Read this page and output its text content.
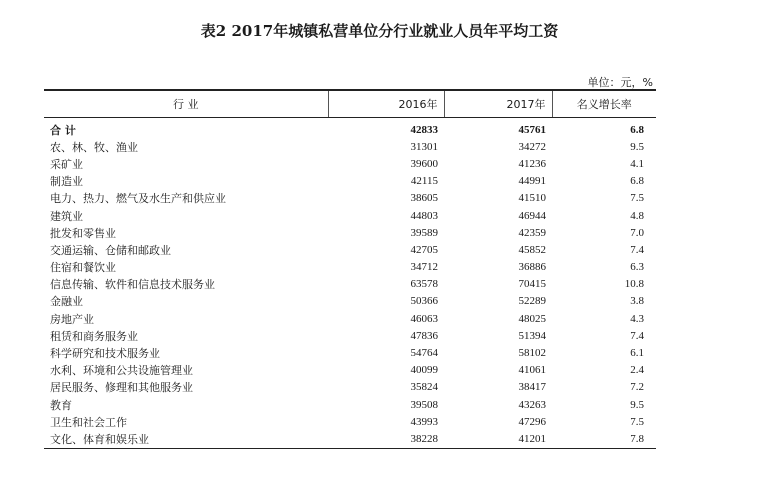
表2 2017年城镇私营单位分行业就业人员年平均工资
单位：元，%
行 业	2016年	2017年	名义增长率
合 计	42833	45761	6.8
农、林、牧、渔业	31301	34272	9.5
采矿业	39600	41236	4.1
制造业	42115	44991	6.8
电力、热力、燃气及水生产和供应业	38605	41510	7.5
建筑业	44803	46944	4.8
批发和零售业	39589	42359	7.0
交通运输、仓储和邮政业	42705	45852	7.4
住宿和餐饮业	34712	36886	6.3
信息传输、软件和信息技术服务业	63578	70415	10.8
金融业	50366	52289	3.8
房地产业	46063	48025	4.3
租赁和商务服务业	47836	51394	7.4
科学研究和技术服务业	54764	58102	6.1
水利、环境和公共设施管理业	40099	41061	2.4
居民服务、修理和其他服务业	35824	38417	7.2
教育	39508	43263	9.5
卫生和社会工作	43993	47296	7.5
文化、体育和娱乐业	38228	41201	7.8
